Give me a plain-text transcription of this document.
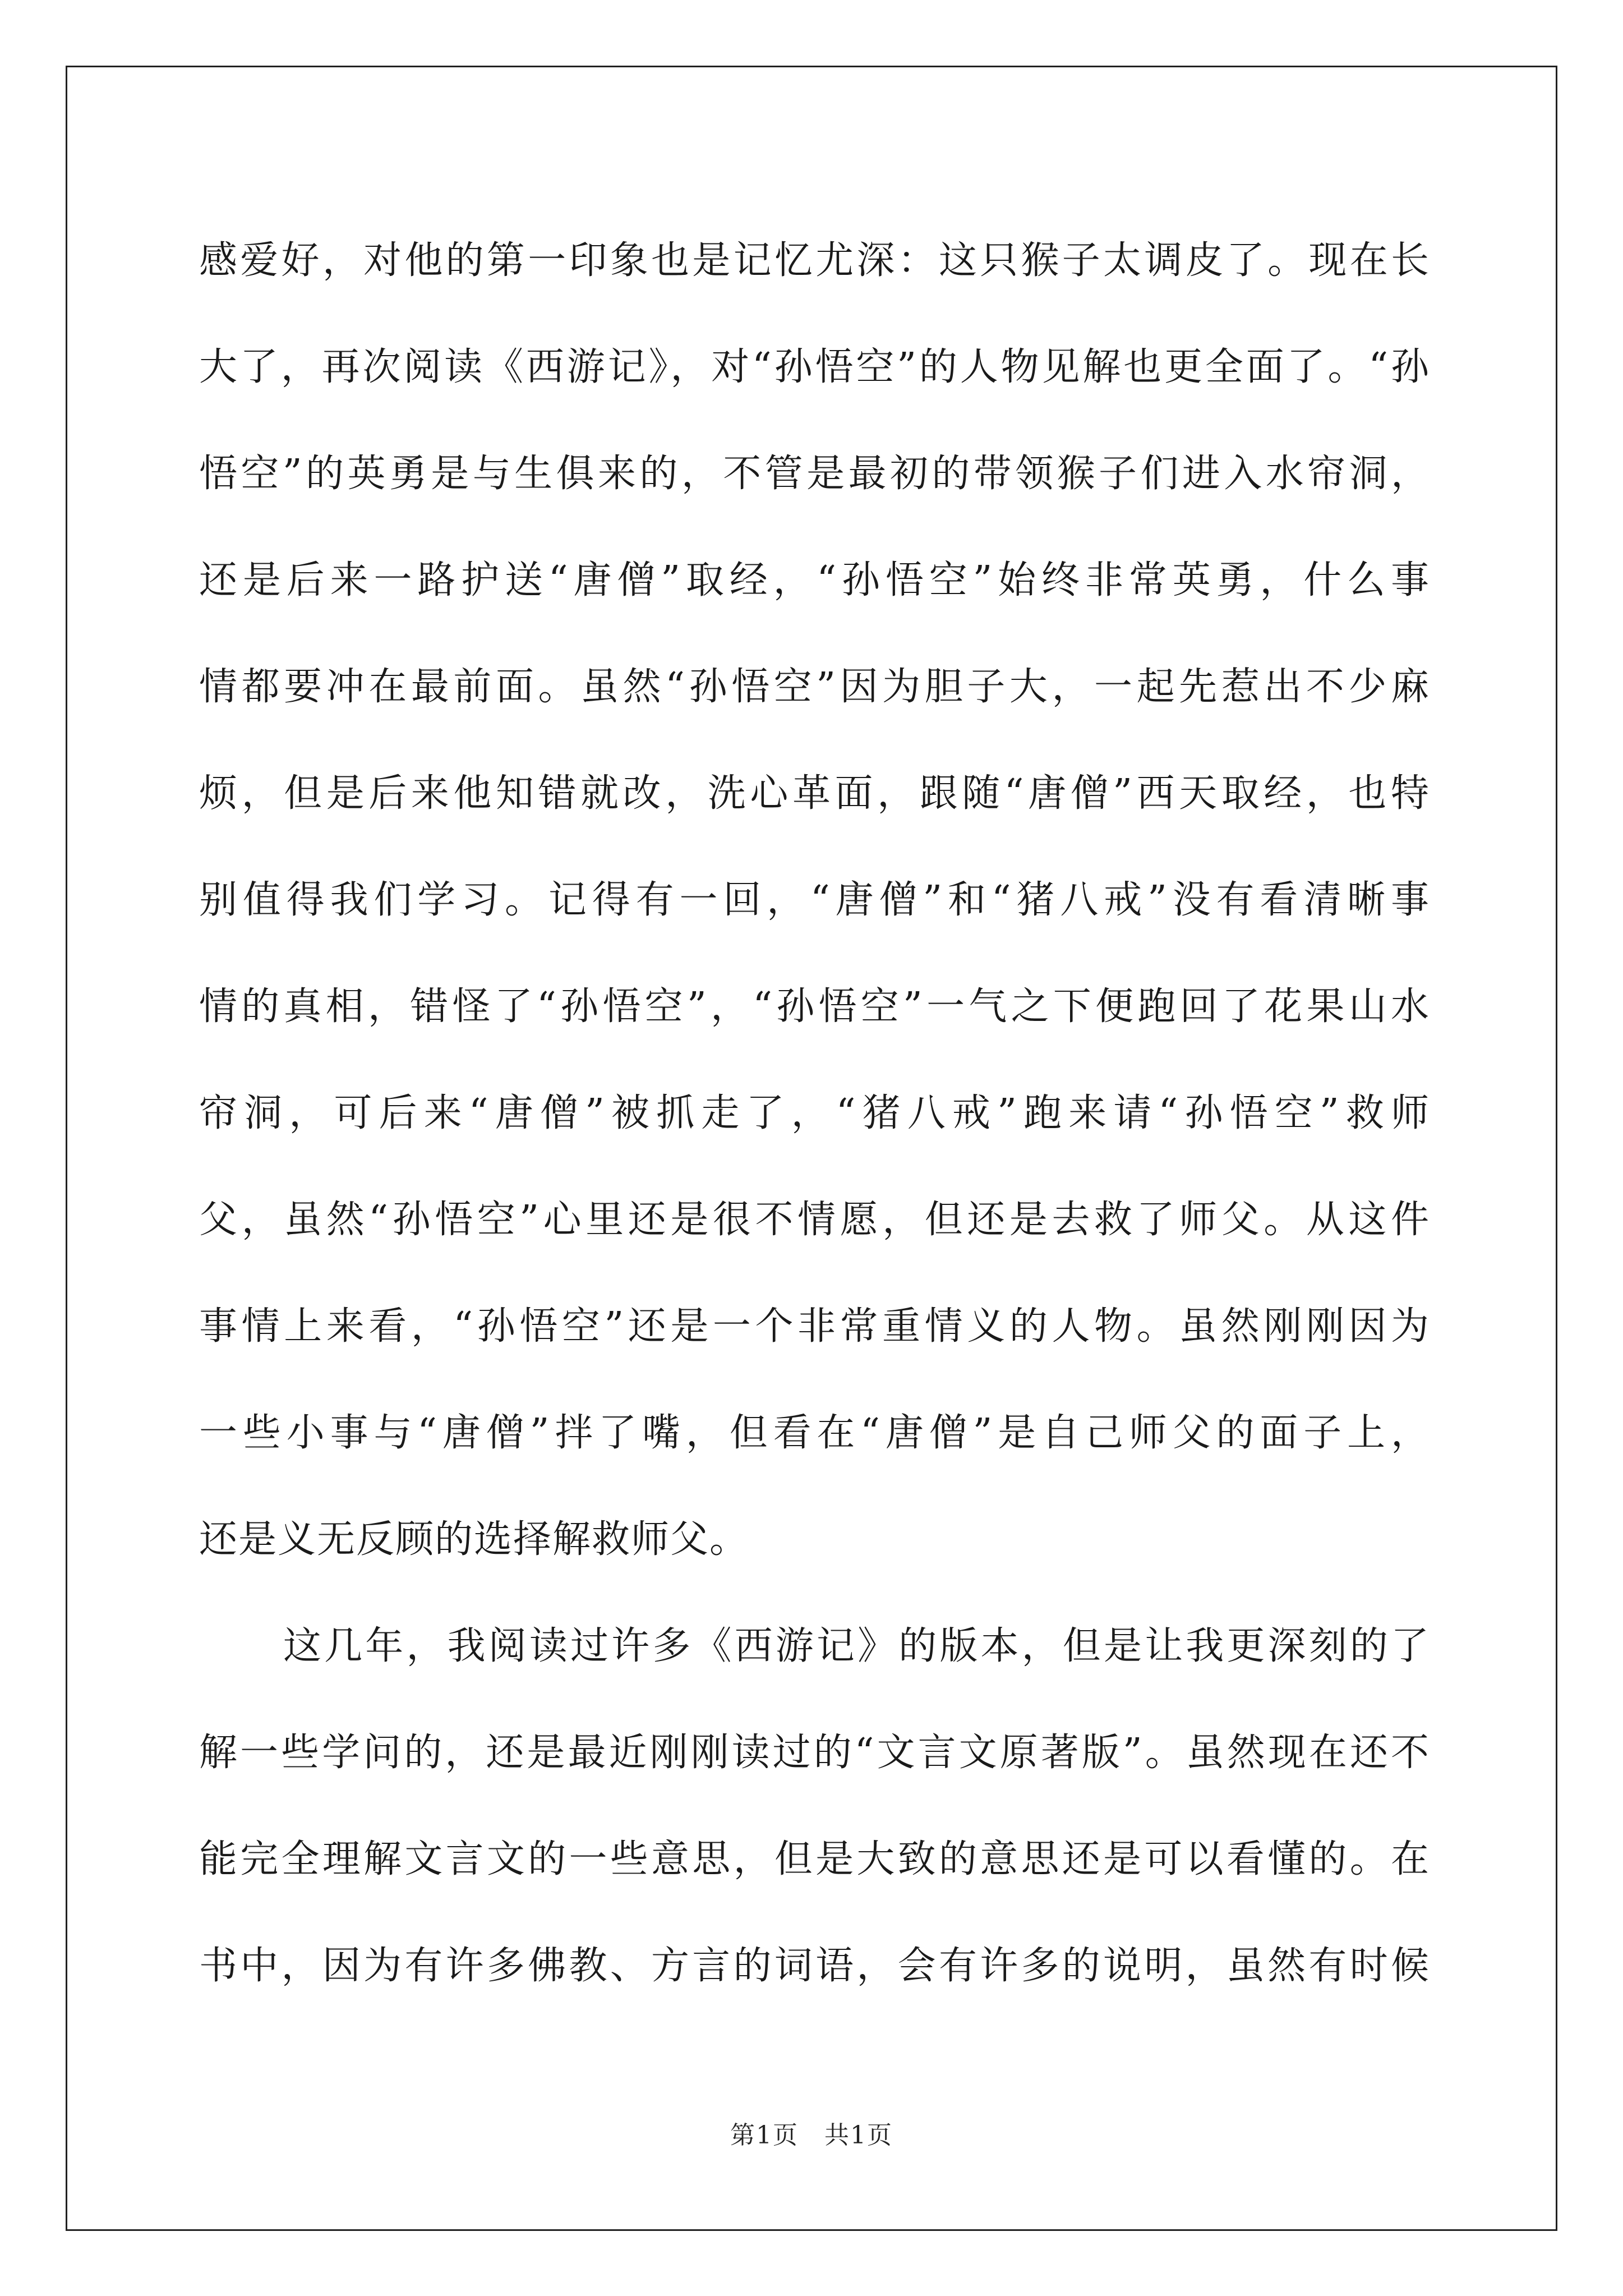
感爱好，对他的第一印象也是记忆尤深：这只猴子太调皮了。现在长
大了，再次阅读《西游记》，对“孙悟空”的人物见解也更全面了。“孙
悟空”的英勇是与生俱来的，不管是最初的带领猴子们进入水帘洞，
还是后来一路护送“唐僧”取经，“孙悟空”始终非常英勇，什么事
情都要冲在最前面。虽然“孙悟空”因为胆子大，一起先惹出不少麻
烦，但是后来他知错就改，洗心革面，跟随“唐僧”西天取经，也特
别值得我们学习。记得有一回，“唐僧”和“猪八戒”没有看清晰事
情的真相，错怪了“孙悟空”，“孙悟空”一气之下便跑回了花果山水
帘洞，可后来“唐僧”被抓走了，“猪八戒”跑来请“孙悟空”救师
父，虽然“孙悟空”心里还是很不情愿，但还是去救了师父。从这件
事情上来看，“孙悟空”还是一个非常重情义的人物。虽然刚刚因为
一些小事与“唐僧”拌了嘴，但看在“唐僧”是自己师父的面子上，
还是义无反顾的选择解救师父。
这几年，我阅读过许多《西游记》的版本，但是让我更深刻的了
解一些学问的，还是最近刚刚读过的“文言文原著版”。虽然现在还不
能完全理解文言文的一些意思，但是大致的意思还是可以看懂的。在
书中，因为有许多佛教、方言的词语，会有许多的说明，虽然有时候
第1页　共1页
